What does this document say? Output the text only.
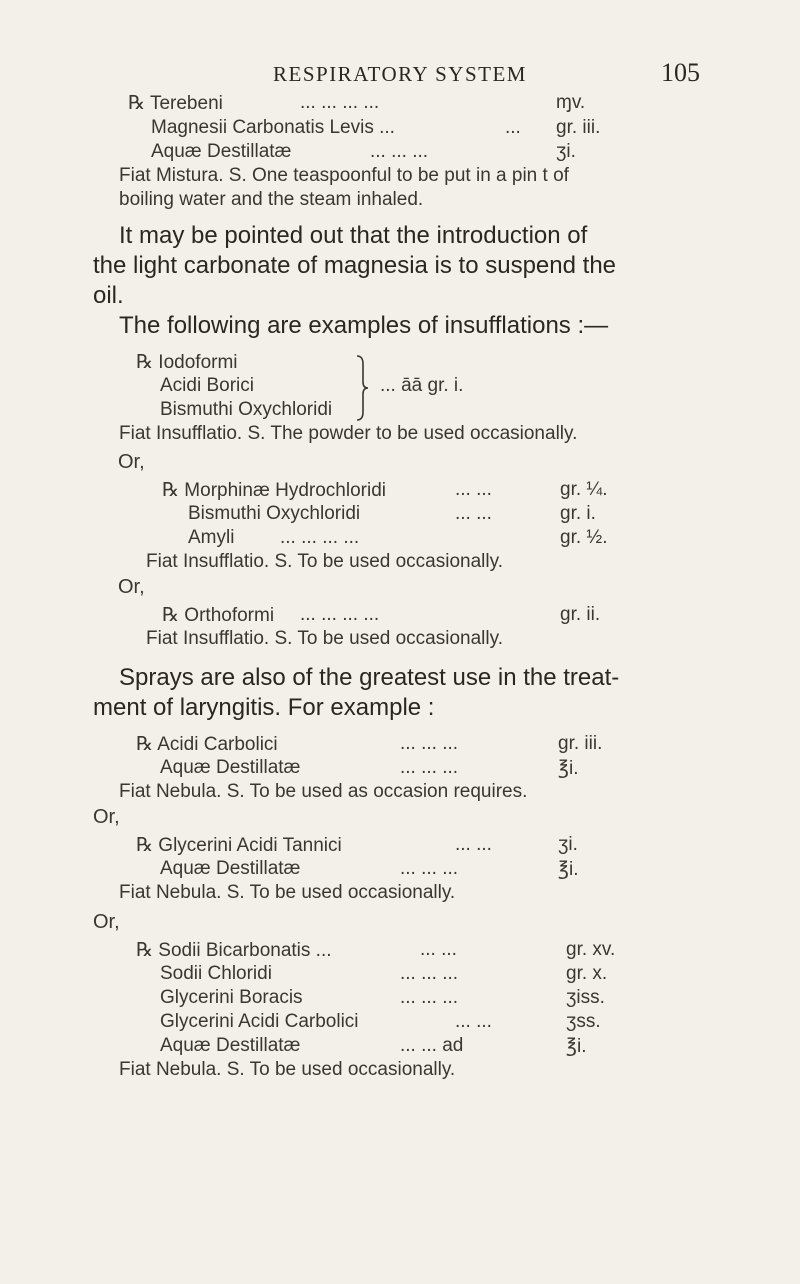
RESPIRATORY SYSTEM	105
℞ Terebeni	... ... ... ...	ɱv.
Magnesii Carbonatis Levis ...	... gr. iii.
Aquæ Destillatæ	... ... ...	ʒi.
Fiat Mistura. S. One teaspoonful to be put in a pin t of
boiling water and the steam inhaled.
It may be pointed out that the introduction of
the light carbonate of magnesia is to suspend the
oil.
The following are examples of insufflations :—
℞ Iodoformi
Acidi Borici
Bismuthi Oxychloridi
... āā gr. i.
Fiat Insufflatio. S. The powder to be used occasionally.
Or,
℞ Morphinæ Hydrochloridi	... ...	gr. ¼.
Bismuthi Oxychloridi	... ...	gr. i.
Amyli ... ... ... ...	gr. ½.
Fiat Insufflatio. S. To be used occasionally.
Or,
℞ Orthoformi ... ... ... ...	gr. ii.
Fiat Insufflatio. S. To be used occasionally.
Sprays are also of the greatest use in the treat-
ment of laryngitis. For example :
℞ Acidi Carbolici	... ... ...	gr. iii.
Aquæ Destillatæ	... ... ...	℥i.
Fiat Nebula. S. To be used as occasion requires.
Or,
℞ Glycerini Acidi Tannici	... ...	ʒi.
Aquæ Destillatæ	... ... ...	℥i.
Fiat Nebula. S. To be used occasionally.
Or,
℞ Sodii Bicarbonatis ...	... ...	gr. xv.
Sodii Chloridi	... ... ...	gr. x.
Glycerini Boracis	... ... ...	ʒiss.
Glycerini Acidi Carbolici	... ...	ʒss.
Aquæ Destillatæ	... ... ad	℥i.
Fiat Nebula. S. To be used occasionally.
